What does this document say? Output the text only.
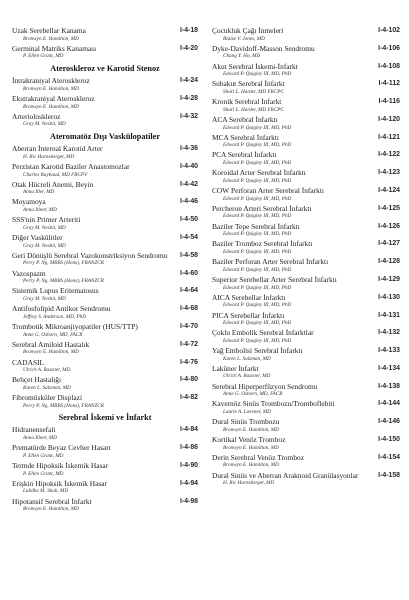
Uzak Serebellar Kanama	I-4-18
Bronwyn E. Hamilton, MD
Germinal Matriks Kanaması	I-4-20
P. Ellen Grant, MD
Ateroskleroz ve Karotid Stenoz
İntrakraniyal Ateroskleroz	I-4-24
Bronwyn E. Hamilton, MD
Ekstrakraniyal Ateroskleroz	I-4-28
Bronwyn E. Hamilton, MD
Arterioloskleroz	I-4-32
Gray M. Nesbit, MD
Ateromatöz Dışı Vaskülopatiler
Aberran İnternal Karotid Arter	I-4-36
H. Ric Harnsberger, MD
Perzistan Karotid Baziler Anastomozlar	I-4-40
Charles Raybaud, MD FRCPV
Otak Hücreli Anemi, Beyin	I-4-42
Anna Iller, MD
Moyamoya	I-4-46
Anna Illner, MD
SSS'nin Primer Arteriti	I-4-50
Gray M. Nesbit, MD
Diğer Vaskülitler	I-4-54
Gray M. Nesbit, MD
Geri Dönüşlü Serebral Vazokonstriksiyon Sendromu	I-4-58
Perry P. Ng, MBBS (Hons), FRANZCR
Vazospazm	I-4-60
Perry P. Ng, MBBS (Hons), FRANZCR
Sistemik Lupus Eritematosus	I-4-64
Gray M. Nesbit, MD
Antifosfolipid Antikor Sendromu	I-4-68
Jeffrey S. Anderson, MD, PhD
Trombotik Mikroanjiyopatiler (HUS/TTP)	I-4-70
Anne G. Osborn, MD, FACR
Serebral Amiloid Hastalık	I-4-72
Bronwyn E. Hamilton, MD
CADASIL	I-4-76
Ulrich A. Rassner, MD
Behçet Hastalığı	I-4-80
Karen L. Salzman, MD
Fibromüsküler Displazi	I-4-82
Perry P. Ng, MBBS (Hons), FRANZCR
Serebral İskemi ve İnfarkt
Hidranensefali	I-4-84
Anna Illner, MD
Prematürde Beyaz Cevher Hasarı	I-4-86
P. Ellen Grant, MD
Termde Hipoksik İskemik Hasar	I-4-90
P. Ellen Grant, MD
Erişkin Hipoksik İskemik Hasar	I-4-94
Lubdha M. Shah, MD
Hipotansif Serebral İnfarkt	I-4-98
Bronwyn E. Hamilton, MD
Çocukluk Çağı İnmeleri	I-4-102
Blaise V. Jones, MD
Dyke-Davidoff-Masson Sendromu	I-4-106
Chang Y. Ho, MD
Akut Serebral İskemi-İnfarkt	I-4-108
Edward P. Quigley III, MD, PhD
Subakut Serebral İnfarkt	I-4-112
Shari L. Harder, MD FRCPC
Kronik Serebral İnfarkt	I-4-116
Shari L. Harder, MD FRCPC
ACA Serebral İnfarktı	I-4-120
Edward P. Quigley III, MD, PhD
MCA Serebral İnfarktı	I-4-121
Edward P. Quigley III, MD, PhD
PCA Serebral İnfarktı	I-4-122
Edward P. Quigley III, MD, PhD
Koroidal Arter Serebral İnfarktı	I-4-123
Edward P. Quigley III, MD, PhD
COW Perforan Arter Serebral İnfarktı	I-4-124
Edward P. Quigley III, MD, PhD
Percheron Arteri Serebral İnfarktı	I-4-125
Edward P. Quigley III, MD, PhD
Baziler Tepe Serebral İnfarktı	I-4-126
Edward P. Quigley III, MD, PhD
Baziler Tromboz Serebral İnfarktı	I-4-127
Edward P. Quigley III, MD, PhD
Baziler Perforan Arter Serebral İnfarktı	I-4-128
Edward P. Quigley III, MD, PhD
Superior Serebellar Arter Serebral İnfarktı	I-4-129
Edward P. Quigley III, MD, PhD
AICA Serebellar İnfarktı	I-4-130
Edward P. Quigley III, MD, PhD
PICA Serebellar İnfarktı	I-4-131
Edward P. Quigley III, MD, PhD
Çoklu Embolik Serebral İnfarktlar	I-4-132
Edward P. Quigley III, MD, PhD
Yağ Embolisi Serebral İnfarktı	I-4-133
Karen L. Salzman, MD
Laküner İnfarkt	I-4-134
Ulrich A. Rassner, MD
Serebral Hiperperfüzyon Sendromu	I-4-138
Anne G. Osborn, MD, FACR
Kavernöz Sinüs Trombozu/Tromboflebiti	I-4-144
Laurie A. Loevner, MD
Dural Sinüs Trombozu	I-4-146
Bronwyn E. Hamilton, MD
Kortikal Venöz Tromboz	I-4-150
Bronwyn E. Hamilton, MD
Derin Serebral Venöz Tromboz	I-4-154
Bronwyn E. Hamilton, MD
Dural Sinüs ve Aberran Araknoid Granülasyonlar	I-4-158
H. Ric Harnsberger, MD
